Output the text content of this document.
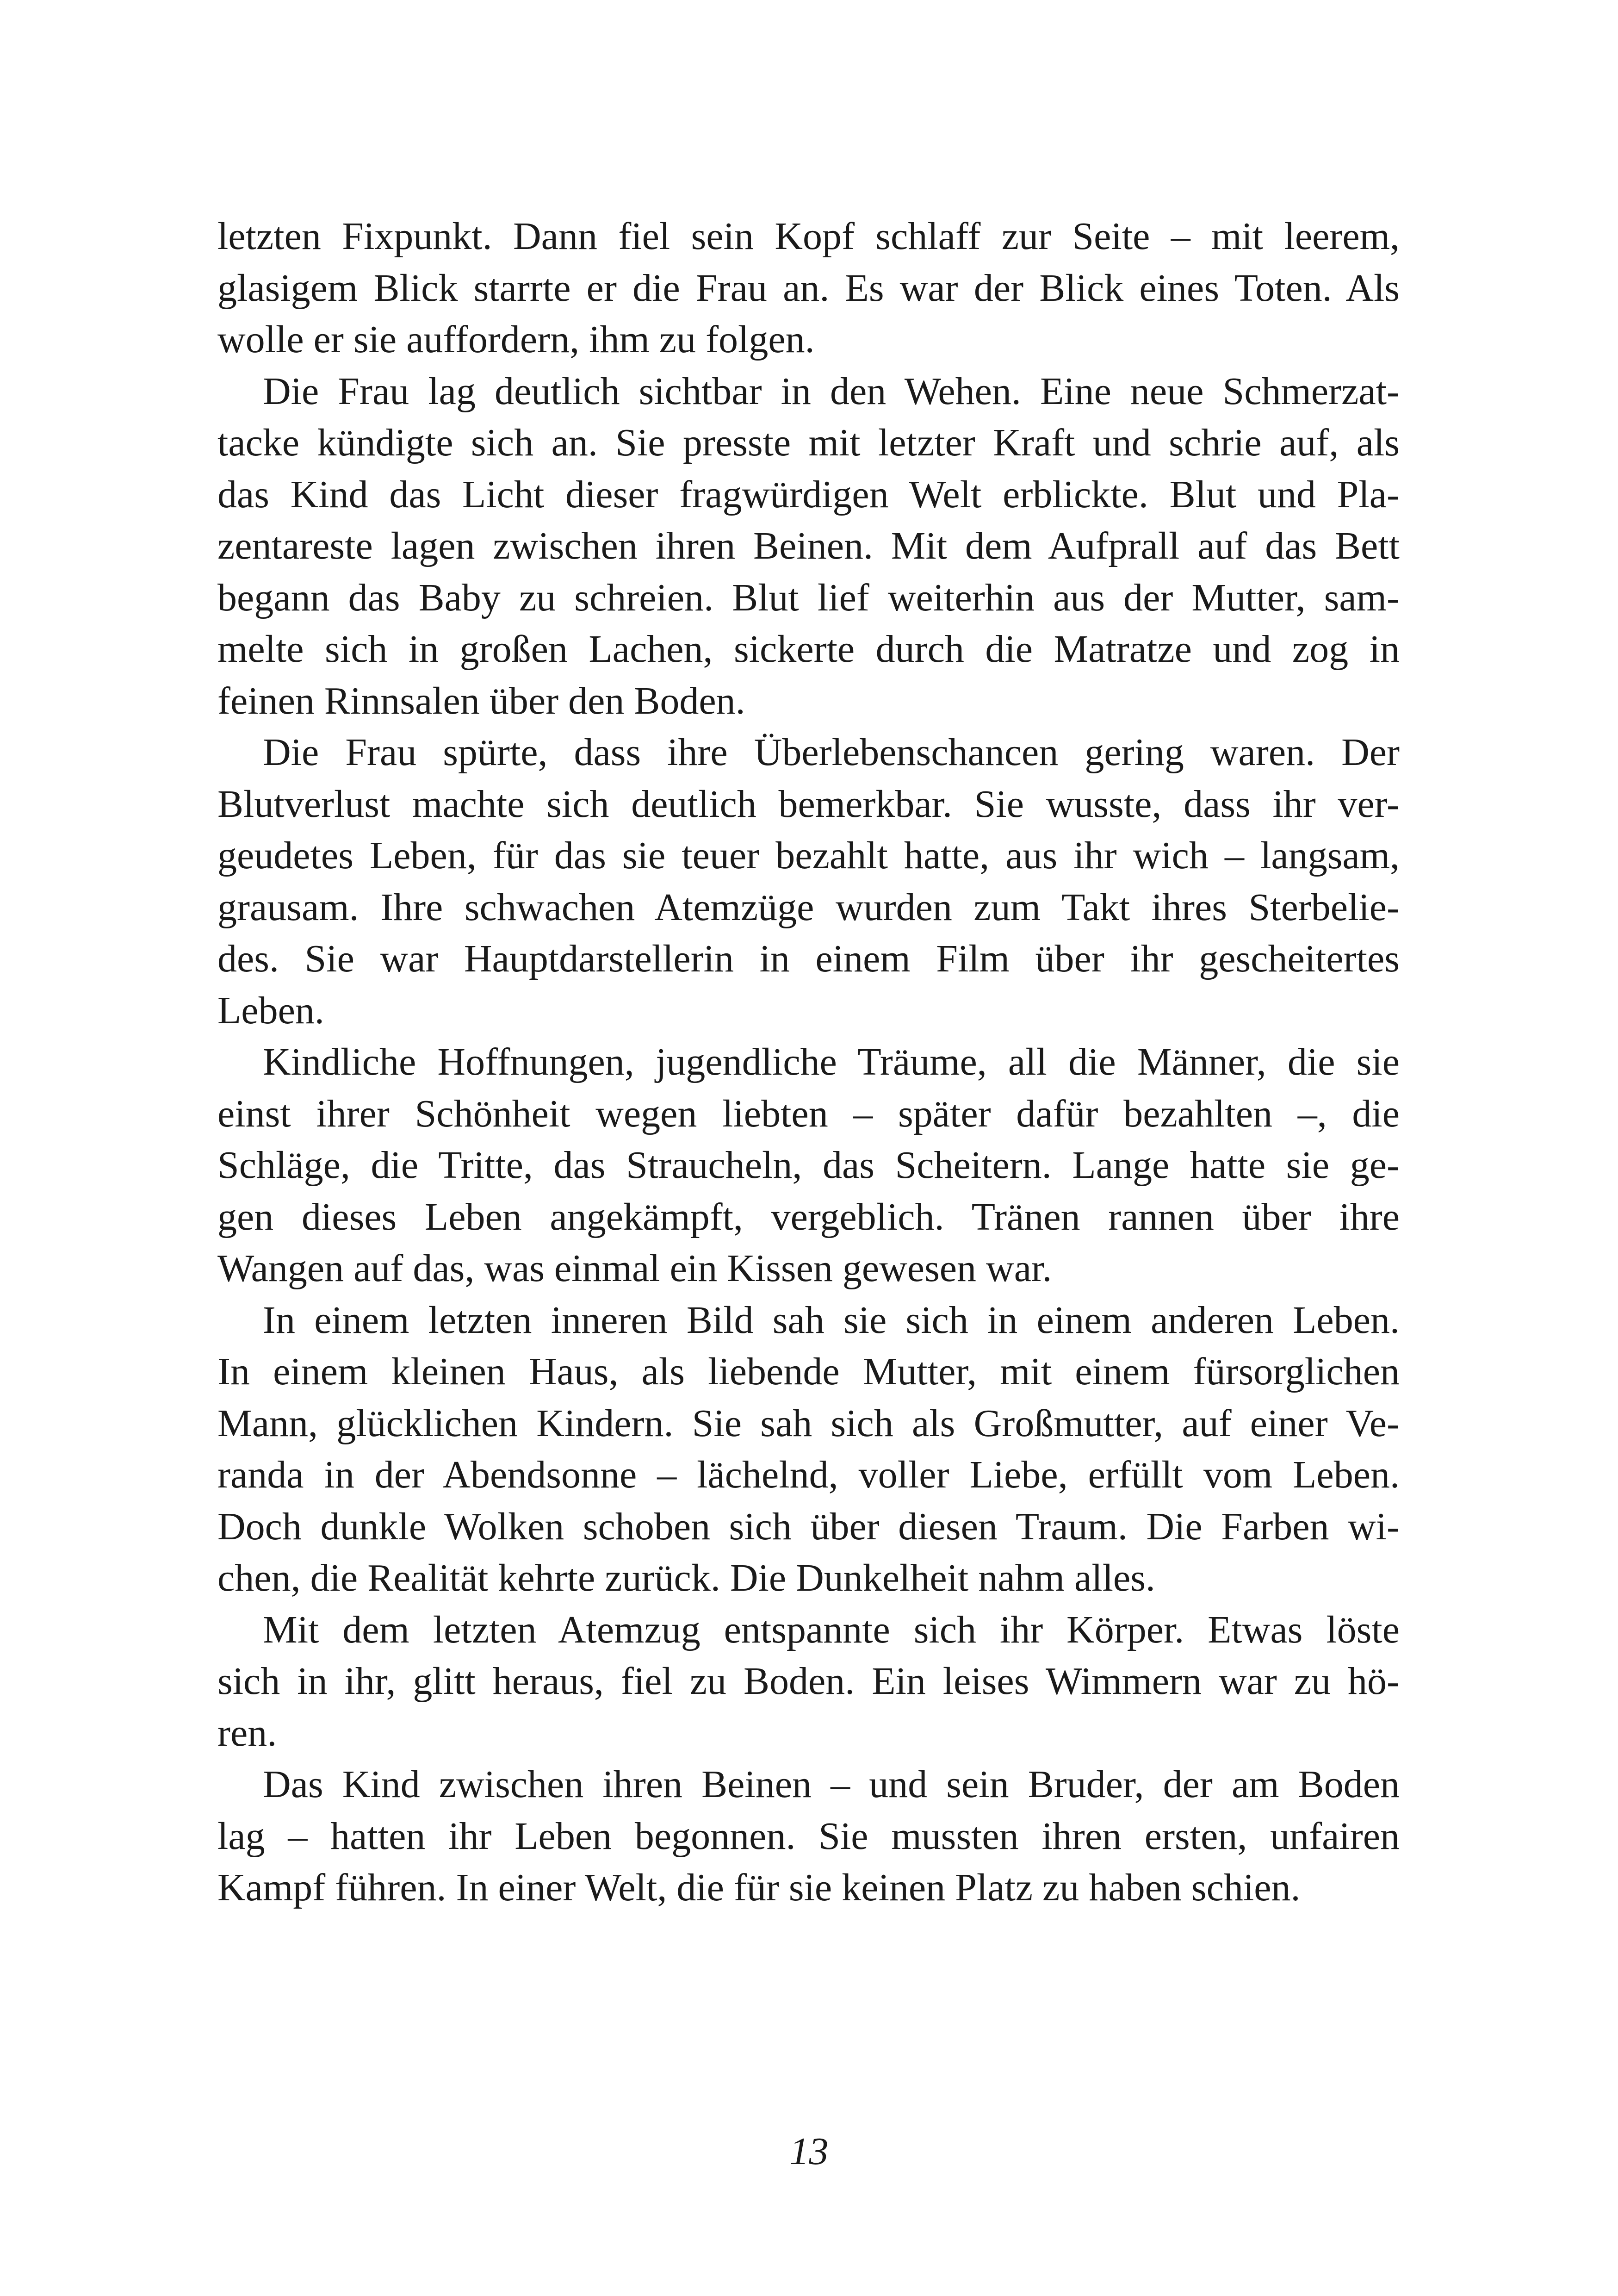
letzten Fixpunkt. Dann fiel sein Kopf schlaff zur Seite – mit leerem,
glasigem Blick starrte er die Frau an. Es war der Blick eines Toten. Als
wolle er sie auffordern, ihm zu folgen.
Die Frau lag deutlich sichtbar in den Wehen. Eine neue Schmerzat-
tacke kündigte sich an. Sie presste mit letzter Kraft und schrie auf, als
das Kind das Licht dieser fragwürdigen Welt erblickte. Blut und Pla-
zentareste lagen zwischen ihren Beinen. Mit dem Aufprall auf das Bett
begann das Baby zu schreien. Blut lief weiterhin aus der Mutter, sam-
melte sich in großen Lachen, sickerte durch die Matratze und zog in
feinen Rinnsalen über den Boden.
Die Frau spürte, dass ihre Überlebenschancen gering waren. Der
Blutverlust machte sich deutlich bemerkbar. Sie wusste, dass ihr ver-
geudetes Leben, für das sie teuer bezahlt hatte, aus ihr wich – langsam,
grausam. Ihre schwachen Atemzüge wurden zum Takt ihres Sterbelie-
des. Sie war Hauptdarstellerin in einem Film über ihr gescheitertes
Leben.
Kindliche Hoffnungen, jugendliche Träume, all die Männer, die sie
einst ihrer Schönheit wegen liebten – später dafür bezahlten –, die
Schläge, die Tritte, das Straucheln, das Scheitern. Lange hatte sie ge-
gen dieses Leben angekämpft, vergeblich. Tränen rannen über ihre
Wangen auf das, was einmal ein Kissen gewesen war.
In einem letzten inneren Bild sah sie sich in einem anderen Leben.
In einem kleinen Haus, als liebende Mutter, mit einem fürsorglichen
Mann, glücklichen Kindern. Sie sah sich als Großmutter, auf einer Ve-
randa in der Abendsonne – lächelnd, voller Liebe, erfüllt vom Leben.
Doch dunkle Wolken schoben sich über diesen Traum. Die Farben wi-
chen, die Realität kehrte zurück. Die Dunkelheit nahm alles.
Mit dem letzten Atemzug entspannte sich ihr Körper. Etwas löste
sich in ihr, glitt heraus, fiel zu Boden. Ein leises Wimmern war zu hö-
ren.
Das Kind zwischen ihren Beinen – und sein Bruder, der am Boden
lag – hatten ihr Leben begonnen. Sie mussten ihren ersten, unfairen
Kampf führen. In einer Welt, die für sie keinen Platz zu haben schien.
13
